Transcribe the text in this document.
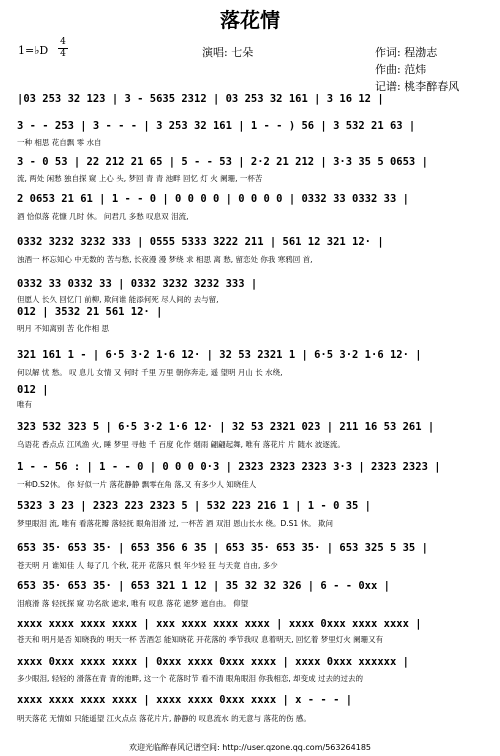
落花情
1=♭D
4
4	演唱: 七朵	作词: 程渤志
作曲: 范炜
记谱: 桃李醉春风
|03 253 32 123 | 3 - 5635 2312 | 03 253 32 161 | 3 16 12 |
3 - - 253 | 3 - - - | 3 253 32 161 | 1 - - ) 56 | 3 532 21 63 |
一种 相思 花自飘 零 水自
3 - 0 53 | 22 212 21 65 | 5 - - 53 | 2·2 21 212 | 3·3 35 5 0653 |
流, 两处 闲愁 独自探 窥 上心 头, 梦回 青 青 池畔 回忆 灯 火 阑珊, 一杯苦
2 0653 21 61 | 1 - - 0 | 0 0 0 0 | 0 0 0 0 | 0332 33 0332 33 |
酒 恰似落 花慷 几时 休。 问君几 多愁 叹息双 泪流,
0332 3232 3232 333 | 0555 5333 3222 211 | 561 12 321 12· |
浊酒一 杯忘知心 中无数的 苦与愁, 长夜漫 漫 梦绕 求 相思 离 愁, 留恋处 你我 寒鸦回 首,
0332 33 0332 33 | 0332 3232 3232 333 |
但愿人 长久 回忆门 前柳, 欺问谁 能添何死 尽人间的 去与留,
012 | 3532 21 561 12· |
明月 不知离别 苦 化作相 思
321 161 1 - | 6·5 3·2 1·6 12· | 32 53 2321 1 | 6·5 3·2 1·6 12· |
何以解 忧 愁。 叹 息儿 女情 又 何时 千里 万里 朝你奔走, 遥 望明 月山 长 水绕,
012 |
唯有
323 532 323 5 | 6·5 3·2 1·6 12· | 32 53 2321 023 | 211 16 53 261 |
乌语花 香点点 江风渔 火, 睡 梦里 寻他 千 百度 化作 烟雨 翩翩起舞, 唯有 落花片 片 随水 波逐流。
1 - - 56 : | 1 - - 0 | 0 0 0 0·3 | 2323 2323 2323 3·3 | 2323 2323 |
一种D.S2休。 你 好似一片 落花静静 飘零在角 落,又 有多少人 知晓佳人
5323 3 23 | 2323 223 2323 5 | 532 223 216 1 | 1 - 0 35 |
梦里眼泪 流, 唯有 看落花瓣 落轻抚 眼角泪滑 过, 一杯苦 酒 双泪 恩山长水 绕。D.S1 休。 欺问
653 35· 653 35· | 653 356 6 35 | 653 35· 653 35· | 653 325 5 35 |
苍天明 月 谁知佳 人 每了几 个秋, 花开 花落只 恨 年少轻 狂 与天竟 自由, 多少
653 35· 653 35· | 653 321 1 12 | 35 32 32 326 | 6 - - 0xx |
泪痕滑 落 轻抚探 窥 功名欲 遮求, 唯有 叹息 落花 遮梦 遮自由。 仰望
xxxx xxxx xxxx xxxx | xxx xxxx xxxx xxxx | xxxx 0xxx xxxx xxxx |
苍天和 明月是否 知晓我的 明天一杯 苦酒怎 能知晓花 开花落的 季节我叹 息着明天, 回忆着 梦里灯火 阑珊又有
xxxx 0xxx xxxx xxxx | 0xxx xxxx 0xxx xxxx | xxxx 0xxx xxxxxx |
多少眼泪, 轻轻的 滑落在青 青的池畔, 这一个 花落时节 看不清 眼角眼泪 你我相恋, 却变成 过去的过去的
xxxx xxxx xxxx xxxx | xxxx xxxx 0xxx xxxx | x - - - |
明天落花 无情如 只能遥望 江火点点 落花片片, 静静的 叹息流水 的无意与 落花的伤 感。
欢迎光临醉春风记谱空间: http://user.qzone.qq.com/563264185
